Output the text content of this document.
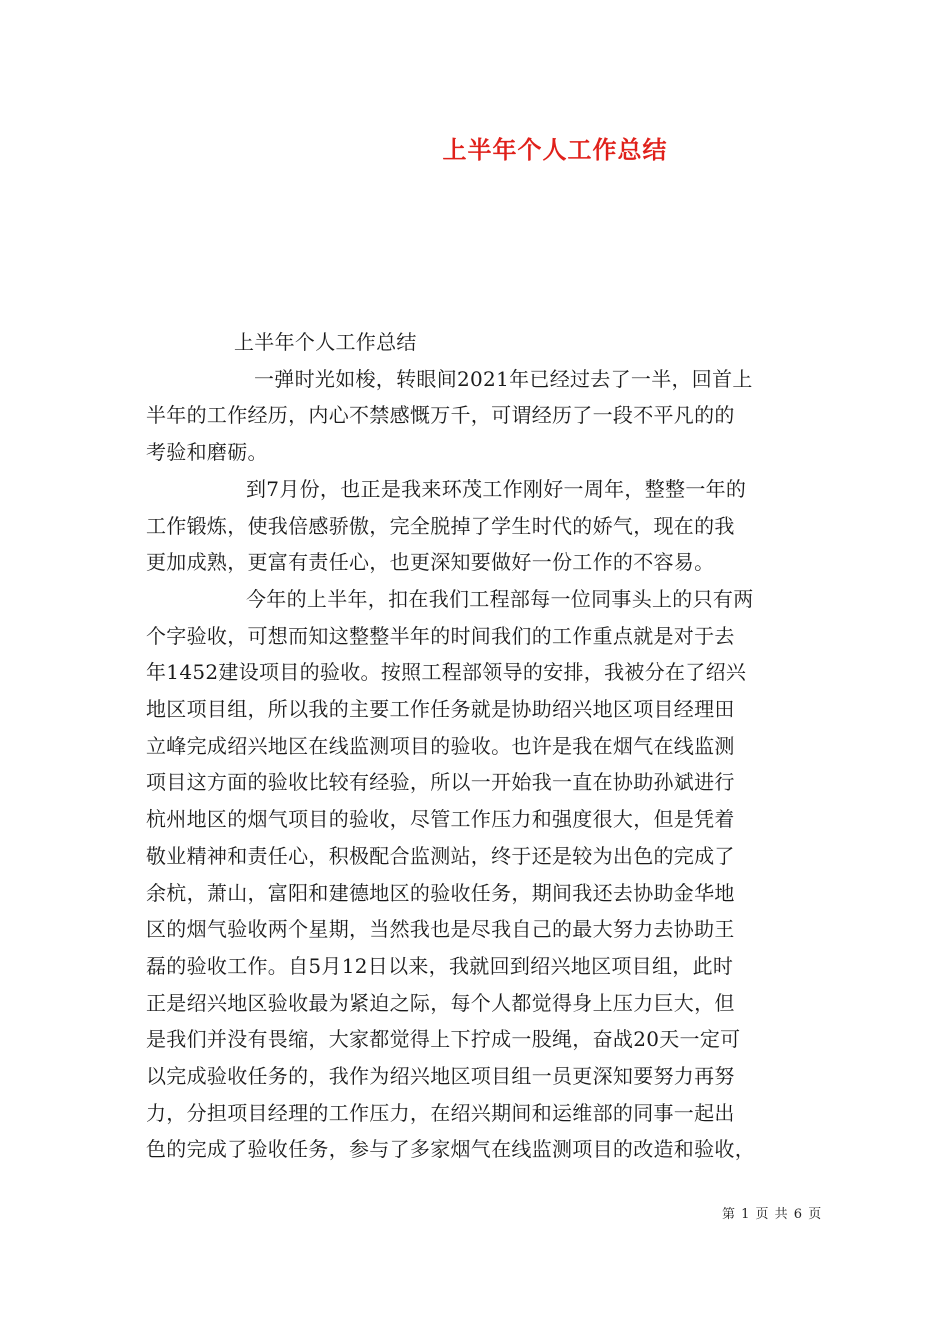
上半年个人工作总结
上半年个人工作总结
一弹时光如梭，转眼间2021年已经过去了一半，回首上
半年的工作经历，内心不禁感慨万千，可谓经历了一段不平凡的的
考验和磨砺。
到7月份，也正是我来环茂工作刚好一周年，整整一年的
工作锻炼，使我倍感骄傲，完全脱掉了学生时代的娇气，现在的我
更加成熟，更富有责任心，也更深知要做好一份工作的不容易。
今年的上半年，扣在我们工程部每一位同事头上的只有两
个字验收，可想而知这整整半年的时间我们的工作重点就是对于去
年1452建设项目的验收。按照工程部领导的安排，我被分在了绍兴
地区项目组，所以我的主要工作任务就是协助绍兴地区项目经理田
立峰完成绍兴地区在线监测项目的验收。也许是我在烟气在线监测
项目这方面的验收比较有经验，所以一开始我一直在协助孙斌进行
杭州地区的烟气项目的验收，尽管工作压力和强度很大，但是凭着
敬业精神和责任心，积极配合监测站，终于还是较为出色的完成了
余杭，萧山，富阳和建德地区的验收任务，期间我还去协助金华地
区的烟气验收两个星期，当然我也是尽我自己的最大努力去协助王
磊的验收工作。自5月12日以来，我就回到绍兴地区项目组，此时
正是绍兴地区验收最为紧迫之际，每个人都觉得身上压力巨大，但
是我们并没有畏缩，大家都觉得上下拧成一股绳，奋战20天一定可
以完成验收任务的，我作为绍兴地区项目组一员更深知要努力再努
力，分担项目经理的工作压力，在绍兴期间和运维部的同事一起出
色的完成了验收任务，参与了多家烟气在线监测项目的改造和验收，
第 1 页 共 6 页
